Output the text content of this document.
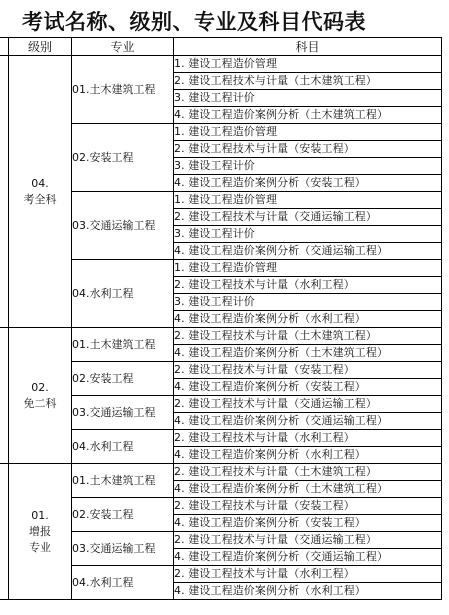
考试名称、级别、专业及科目代码表
	级别	专业	科目

	04.
考全科	01.土木建筑工程	1. 建设工程造价管理
			2. 建设工程技术与计量（土木建筑工程）
			3. 建设工程计价
			4. 建设工程造价案例分析（土木建筑工程）
		02.安装工程	1. 建设工程造价管理
			2. 建设工程技术与计量（安装工程）
			3. 建设工程计价
			4. 建设工程造价案例分析（安装工程）
		03.交通运输工程	1. 建设工程造价管理
			2. 建设工程技术与计量（交通运输工程）
			3. 建设工程计价
			4. 建设工程造价案例分析（交通运输工程）
		04.水利工程	1. 建设工程造价管理
			2. 建设工程技术与计量（水利工程）
			3. 建设工程计价
			4. 建设工程造价案例分析（水利工程）

	02.
免二科	01.土木建筑工程	2. 建设工程技术与计量（土木建筑工程）
			4. 建设工程造价案例分析（土木建筑工程）
		02.安装工程	2. 建设工程技术与计量（安装工程）
			4. 建设工程造价案例分析（安装工程）
		03.交通运输工程	2. 建设工程技术与计量（交通运输工程）
			4. 建设工程造价案例分析（交通运输工程）
		04.水利工程	2. 建设工程技术与计量（水利工程）
			4. 建设工程造价案例分析（水利工程）

	01.
增报
专业	01.土木建筑工程	2. 建设工程技术与计量（土木建筑工程）
			4. 建设工程造价案例分析（土木建筑工程）
		02.安装工程	2. 建设工程技术与计量（安装工程）
			4. 建设工程造价案例分析（安装工程）
		03.交通运输工程	2. 建设工程技术与计量（交通运输工程）
			4. 建设工程造价案例分析（交通运输工程）
		04.水利工程	2. 建设工程技术与计量（水利工程）
			4. 建设工程造价案例分析（水利工程）
